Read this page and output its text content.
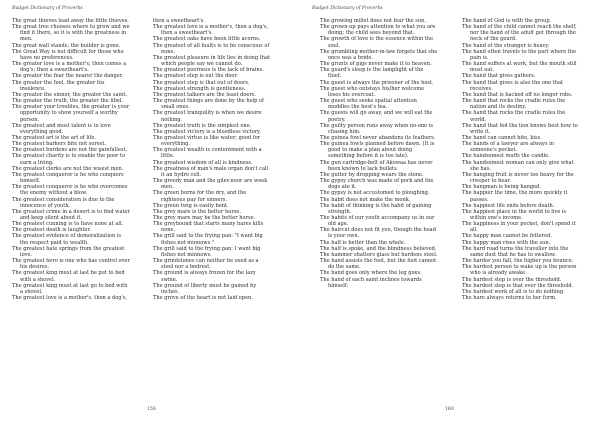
Budget Dictionary of Proverbs

The great thieves lead away the little thieves.

The great tree chooses where to grow and we find it there, so it is with the greatness in men.

The great wall stands; the builder is gone.

The Great Way is not difficult for those who have no preferences.

The greater love is a mother's; then comes a dog's; then a sweetheart's.

The greater the fear the nearer the danger.

The greater the fool, the greater his insolence.

The greater the sinner, the greater the saint.

The greater the truth, the greater the libel.

The greater your troubles, the greater is your opportunity to show yourself a worthy person.

The greatest and most talent is to love everything good.

The greatest art is the art of life.

The greatest barkers bite not sorest.

The greatest burdens are not the gainfullest.

The greatest charity is to enable the poor to earn a living.

The greatest clerks are not the wisest men.

The greatest conqueror is he who conquers himself.

The greatest conqueror is he who overcomes the enemy without a blow.

The greatest consideration is due to the innocence of youth.

The greatest crime in a desert is to find water and keep silent about it.

The greatest cunning is to have none at all.

The greatest death is laughter.

The greatest evidence of demoralization is the respect paid to wealth.

The greatest hate springs from the greatest love.

The greatest hero is one who has control over his desires.

The greatest king must at last be put to bed with a shovel.

The greatest king must at last go to bed with a shovel.

The greatest love is a mother's, then a dog's,

then a sweetheart's.

The greatest love is a mother's, then a dog's, then a sweetheart's.

The greatest oaks have been little acorns.

The greatest of all faults is to be conscious of none.

The greatest pleasure in life lies in doing that which people say we cannot do.

The greatest poorness is the lack of brains.

The greatest step is out the door.

The greatest step is that out of doors.

The greatest strength is gentleness.

The greatest talkers are the least doers.

The greatest things are done by the help of small ones.

The greatest tranquility is when we desire nothing.

The greatest truth is the simplest one.

The greatest victory is a bloodless victory.

The greatest virtue is like water; good for everything.

The greatest wealth is contentment with a little.

The greatest wisdom of all is kindness.

The greatness of man's male organ don't call it an hydro cell.

The greedy man and the gilev.nour are week men.

The green burns for the dry, and the righteous pay for sinners.

The green twig is easily bent.

The grey mare is the better horse.

The grey mare may be the better horse.

The greyhound that starts many hares kills none.

The grill said to the frying pan: "I want big fishes not minnows."

The grill said to the frying pan: I want big fishes not minnows.

The grindstones can neither be used as a stool nor a bedrest.

The ground is always frozen for the lazy swine.

The ground of liberty must be gained by inches.

The grove of the heart is not laid open.

158
Budget Dictionary of Proverbs

The growing millet does not fear the sun.

The grown-up pays attention to what you are doing; the child sees beyond that.

The growth of love is the essence within the soul.

The grumbling mother-in-law forgets that she once was a bride.

The grunts of pigs never make it to heaven.

The guard's sleep is the lamplight of the thief.

The guest is always the prisoner of the host.

The guest who outstays his/her welcome loses his overcoat.

The guest who seeks spatial attention muddles the host's tea.

The guests will go away, and we will eat the poetry.

The guilty person runs away when no-one is chasing him.

The guinea fowl never abandons its feathers.

The guinea fowls planned before dawn. (It is good to make a plan about doing something before it is too late).

The gun cartridge-belt of Akowaa has never been known to lack bullets.

The gutter by dropping wears the stone.

The gypsy church was made of pork and the dogs ate it.

The gypsy is not accustomed to ploughing.

The habit does not make the monk.

The habit of thinking is the habit of gaining strength.

The habits of our youth accompany us in our old age.

The haircut does not fit you, though the head is your own.

The half is better than the whole.

The half is spoke, and the blindness believed.

The hammer shatters glass but hardens steel.

The hand assists the foot, but the foot cannot do the same.

The hand goes only where the leg goes.

The hand of each saint inclines towards himself.

The hand of God is with the group.

The hand of the child cannot reach the shelf, nor the hand of the adult get through the neck of the gourd.

The hand of the stranger is heavy.

The hand often travels to the part where the pain is.

The hand suffers at work, but the mouth still must eat.

The hand that gives gathers.

The hand that gives is also the one that receives.

The hand that is backed off no longer robs.

The hand that rocks the cradle rules the nation and its destiny.

The hand that rocks the cradle rules the world.

The hand that fed the lion knows best how to write it.

The hand can cannot bite, kiss.

The hands of a lawyer are always in someone's pocket.

The handsomest muffs the candle.

The handsomest woman can only give what she has.

The hanging fruit is never too heavy for the creeper to bear.

The hangman is being hanged.

The happier the time, the more quickly it passes.

The happiest life ends before death.

The happiest place in the world to live is within one's income.

The happiness in your pocket, don't spend it all.

The happy man cannot be fettered.

The happy man rises with the sun.

The hard road turns the traveller into the same dust that he has to swallow.

The harder you fall, the higher you bounce.

The hardest person to wake up is the person who is already awake.

The hardest step is over the threshold.

The hardest step is that over the threshold.

The hardest work of all is to do nothing.

The hare always returns to her form.

160
